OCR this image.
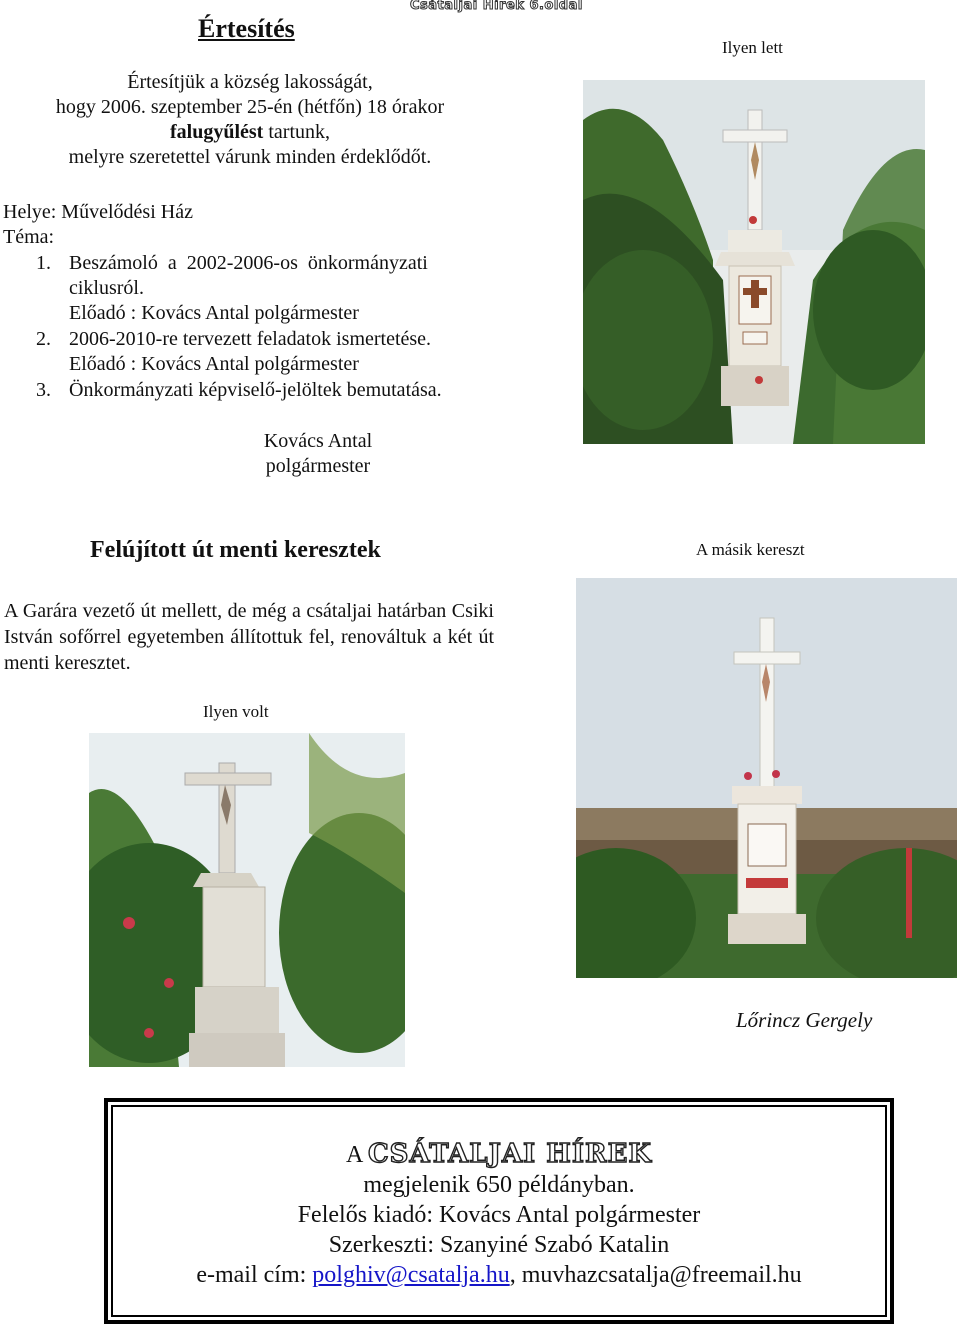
Csátaljai Hírek 6.oldal
Értesítés
Értesítjük a község lakosságát,
hogy 2006. szeptember 25-én (hétfőn) 18 órakor
falugyűlést tartunk,
melyre szeretettel várunk minden érdeklődőt.
Helye: Művelődési Ház
Téma:
1. Beszámoló  a  2002-2006-os  önkormányzati
ciklusról.
Előadó : Kovács Antal polgármester
2. 2006-2010-re tervezett feladatok ismertetése.
Előadó : Kovács Antal polgármester
3. Önkormányzati képviselő-jelöltek bemutatása.
Kovács Antal
polgármester
Ilyen lett
Felújított út menti keresztek	A másik kereszt
A Garára vezető út mellett, de még a csátaljai határban Csiki István sofőrrel egyetemben állítottuk fel, renováltuk a két út menti keresztet.
Ilyen volt
Lőrincz Gergely
A CSÁTALJAI HÍREK
megjelenik 650 példányban.
Felelős kiadó: Kovács Antal polgármester
Szerkeszti: Szanyiné Szabó Katalin
e-mail cím: polghiv@csatalja.hu, muvhazcsatalja@freemail.hu
